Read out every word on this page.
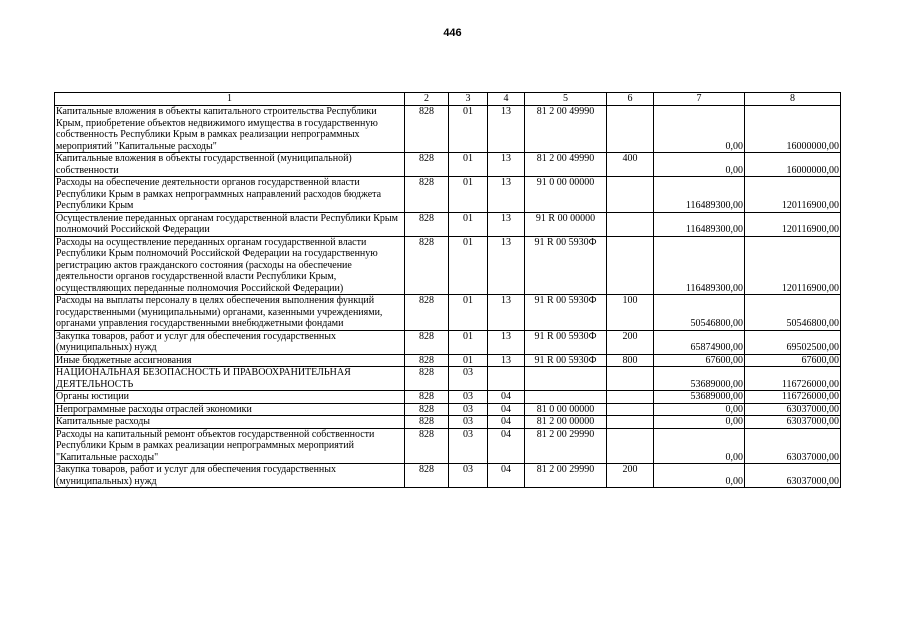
446
1	2	3	4	5	6	7	8
Капитальные вложения в объекты капитального строительства Республики Крым, приобретение объектов недвижимого имущества в государственную собственность Республики Крым в рамках реализации непрограммных мероприятий "Капитальные расходы"	828	01	13	81 2 00 49990		0,00	16000000,00
Капитальные вложения в объекты государственной (муниципальной) собственности	828	01	13	81 2 00 49990	400	0,00	16000000,00
Расходы на обеспечение деятельности органов государственной власти Республики Крым в рамках непрограммных направлений расходов бюджета Республики Крым	828	01	13	91 0 00 00000		116489300,00	120116900,00
Осуществление переданных органам государственной власти Республики Крым полномочий Российской Федерации	828	01	13	91 R 00 00000		116489300,00	120116900,00
Расходы на осуществление переданных органам государственной власти Республики Крым полномочий Российской Федерации на государственную регистрацию актов гражданского состояния (расходы на обеспечение деятельности органов государственной власти Республики Крым, осуществляющих переданные полномочия Российской Федерации)	828	01	13	91 R 00 5930Ф		116489300,00	120116900,00
Расходы на выплаты персоналу в целях обеспечения выполнения функций государственными (муниципальными) органами, казенными учреждениями, органами управления государственными внебюджетными фондами	828	01	13	91 R 00 5930Ф	100	50546800,00	50546800,00
Закупка товаров, работ и услуг для обеспечения государственных (муниципальных) нужд	828	01	13	91 R 00 5930Ф	200	65874900,00	69502500,00
Иные бюджетные ассигнования	828	01	13	91 R 00 5930Ф	800	67600,00	67600,00
НАЦИОНАЛЬНАЯ БЕЗОПАСНОСТЬ И ПРАВООХРАНИТЕЛЬНАЯ ДЕЯТЕЛЬНОСТЬ	828	03				53689000,00	116726000,00
Органы юстиции	828	03	04			53689000,00	116726000,00
Непрограммные расходы отраслей экономики	828	03	04	81 0 00 00000		0,00	63037000,00
Капитальные расходы	828	03	04	81 2 00 00000		0,00	63037000,00
Расходы на капитальный ремонт объектов государственной собственности Республики Крым в рамках реализации непрограммных мероприятий "Капитальные расходы"	828	03	04	81 2 00 29990		0,00	63037000,00
Закупка товаров, работ и услуг для обеспечения государственных (муниципальных) нужд	828	03	04	81 2 00 29990	200	0,00	63037000,00
